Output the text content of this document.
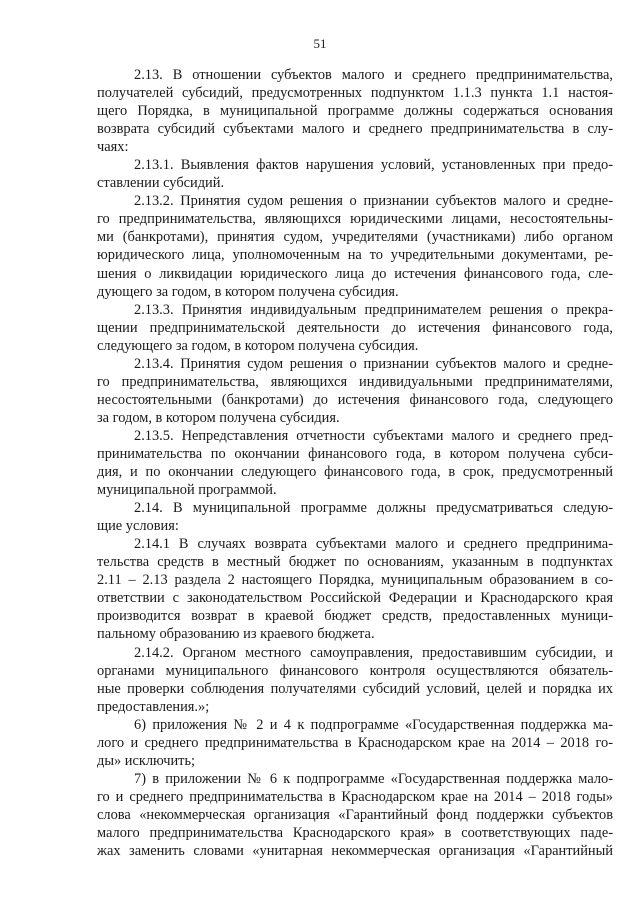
51
2.13. В отношении субъектов малого и среднего предпринимательства,
получателей субсидий, предусмотренных подпунктом 1.1.3 пункта 1.1 настоя-
щего Порядка, в муниципальной программе должны содержаться основания
возврата субсидий субъектами малого и среднего предпринимательства в слу-
чаях:
2.13.1. Выявления фактов нарушения условий, установленных при предо-
ставлении субсидий.
2.13.2. Принятия судом решения о признании субъектов малого и средне-
го предпринимательства, являющихся юридическими лицами, несостоятельны-
ми (банкротами), принятия судом, учредителями (участниками) либо органом
юридического лица, уполномоченным на то учредительными документами, ре-
шения о ликвидации юридического лица до истечения финансового года, сле-
дующего за годом, в котором получена субсидия.
2.13.3. Принятия индивидуальным предпринимателем решения о прекра-
щении предпринимательской деятельности до истечения финансового года,
следующего за годом, в котором получена субсидия.
2.13.4. Принятия судом решения о признании субъектов малого и средне-
го предпринимательства, являющихся индивидуальными предпринимателями,
несостоятельными (банкротами) до истечения финансового года, следующего
за годом, в котором получена субсидия.
2.13.5. Непредставления отчетности субъектами малого и среднего пред-
принимательства по окончании финансового года, в котором получена субси-
дия, и по окончании следующего финансового года, в срок, предусмотренный
муниципальной программой.
2.14. В муниципальной программе должны предусматриваться следую-
щие условия:
2.14.1 В случаях возврата субъектами малого и среднего предпринима-
тельства средств в местный бюджет по основаниям, указанным в подпунктах
2.11 – 2.13 раздела 2 настоящего Порядка, муниципальным образованием в со-
ответствии с законодательством Российской Федерации и Краснодарского края
производится возврат в краевой бюджет средств, предоставленных муници-
пальному образованию из краевого бюджета.
2.14.2. Органом местного самоуправления, предоставившим субсидии, и
органами муниципального финансового контроля осуществляются обязатель-
ные проверки соблюдения получателями субсидий условий, целей и порядка их
предоставления.»;
6) приложения № 2 и 4 к подпрограмме «Государственная поддержка ма-
лого и среднего предпринимательства в Краснодарском крае на 2014 – 2018 го-
ды» исключить;
7) в приложении № 6 к подпрограмме «Государственная поддержка мало-
го и среднего предпринимательства в Краснодарском крае на 2014 – 2018 годы»
слова «некоммерческая организация «Гарантийный фонд поддержки субъектов
малого предпринимательства Краснодарского края» в соответствующих паде-
жах заменить словами «унитарная некоммерческая организация «Гарантийный
